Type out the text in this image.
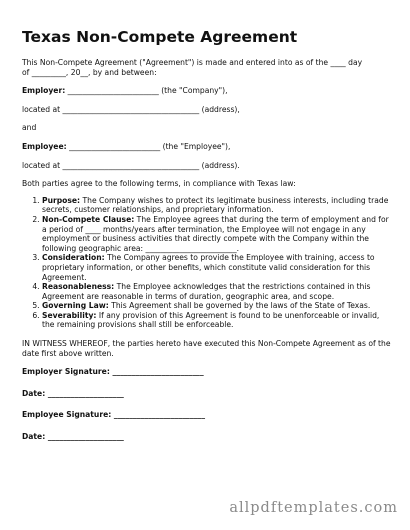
Texas Non-Compete Agreement

This Non-Compete Agreement ("Agreement") is made and entered into as of the ____ day
of _________, 20__, by and between:

Employer: ________________________ (the "Company"),

located at ____________________________________ (address),

and

Employee: ________________________ (the "Employee"),

located at ____________________________________ (address).

Both parties agree to the following terms, in compliance with Texas law:

1. Purpose: The Company wishes to protect its legitimate business interests, including trade secrets, customer relationships, and proprietary information.
2. Non-Compete Clause: The Employee agrees that during the term of employment and for a period of ____ months/years after termination, the Employee will not engage in any employment or business activities that directly compete with the Company within the following geographic area: ________________________.
3. Consideration: The Company agrees to provide the Employee with training, access to proprietary information, or other benefits, which constitute valid consideration for this Agreement.
4. Reasonableness: The Employee acknowledges that the restrictions contained in this Agreement are reasonable in terms of duration, geographic area, and scope.
5. Governing Law: This Agreement shall be governed by the laws of the State of Texas.
6. Severability: If any provision of this Agreement is found to be unenforceable or invalid, the remaining provisions shall still be enforceable.

IN WITNESS WHEREOF, the parties hereto have executed this Non-Compete Agreement as of the date first above written.

Employer Signature: ________________________

Date: ____________________

Employee Signature: ________________________

Date: ____________________

allpdftemplates.com
